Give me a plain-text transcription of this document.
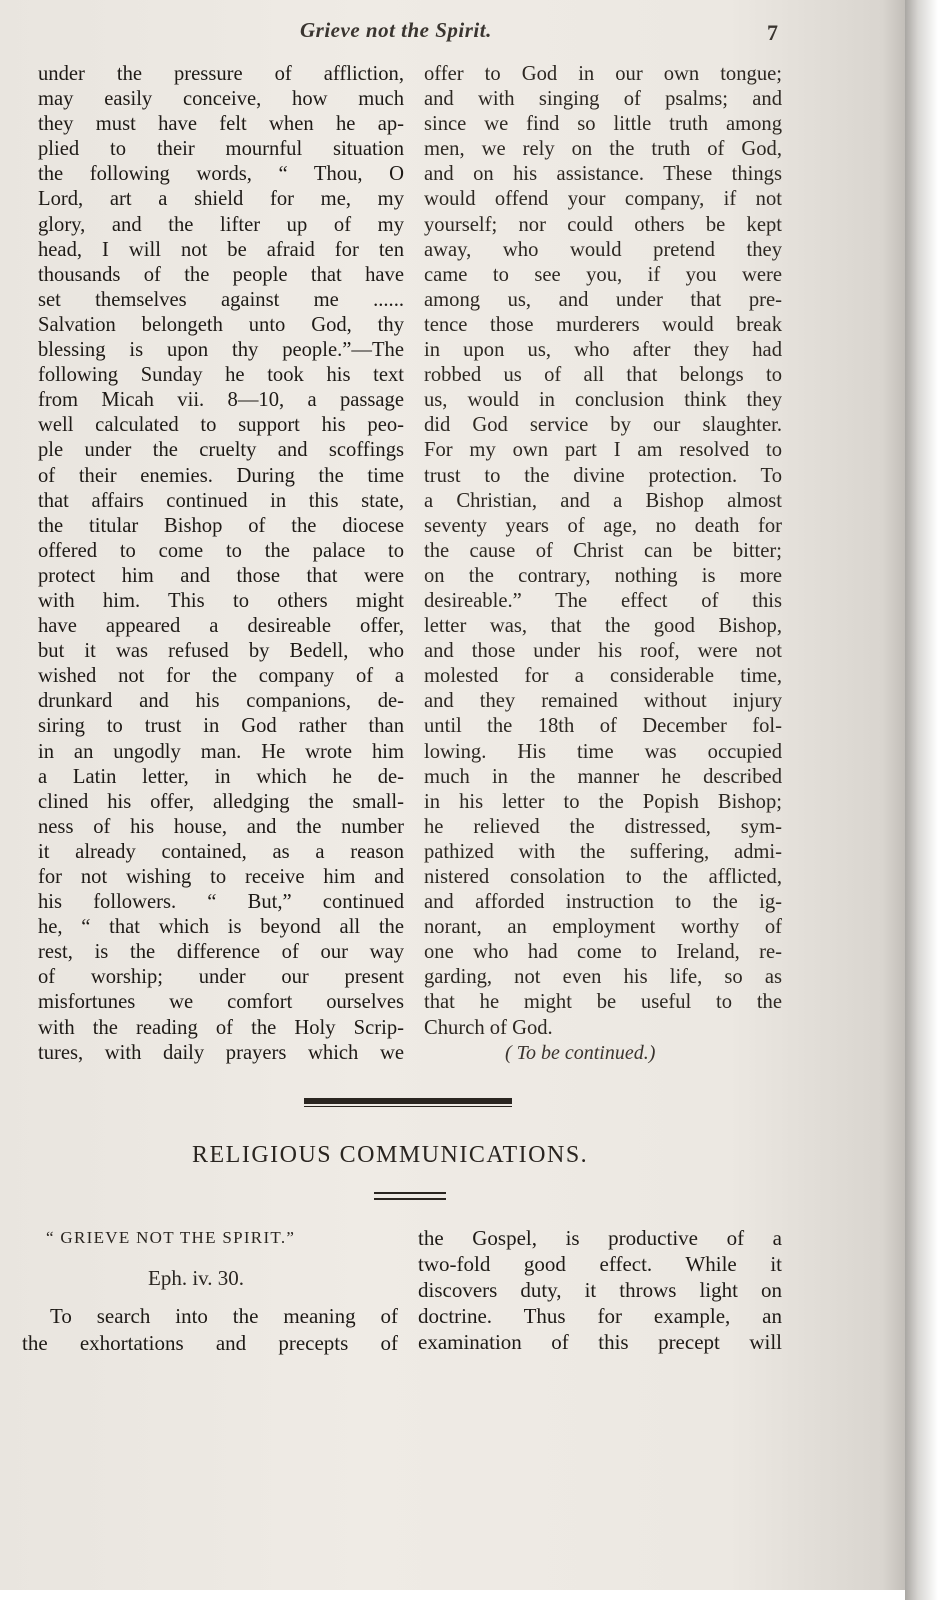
Grieve not the Spirit.	7
under the pressure of affliction,
may easily conceive, how much
they must have felt when he ap-
plied to their mournful situation
the following words, “ Thou, O
Lord, art a shield for me, my
glory, and the lifter up of my
head, I will not be afraid for ten
thousands of the people that have
set themselves against me ......
Salvation belongeth unto God, thy
blessing is upon thy people.”—The
following Sunday he took his text
from Micah vii. 8—10, a passage
well calculated to support his peo-
ple under the cruelty and scoffings
of their enemies. During the time
that affairs continued in this state,
the titular Bishop of the diocese
offered to come to the palace to
protect him and those that were
with him. This to others might
have appeared a desireable offer,
but it was refused by Bedell, who
wished not for the company of a
drunkard and his companions, de-
siring to trust in God rather than
in an ungodly man. He wrote him
a Latin letter, in which he de-
clined his offer, alledging the small-
ness of his house, and the number
it already contained, as a reason
for not wishing to receive him and
his followers. “ But,” continued
he, “ that which is beyond all the
rest, is the difference of our way
of worship; under our present
misfortunes we comfort ourselves
with the reading of the Holy Scrip-
tures, with daily prayers which we
offer to God in our own tongue;
and with singing of psalms; and
since we find so little truth among
men, we rely on the truth of God,
and on his assistance. These things
would offend your company, if not
yourself; nor could others be kept
away, who would pretend they
came to see you, if you were
among us, and under that pre-
tence those murderers would break
in upon us, who after they had
robbed us of all that belongs to
us, would in conclusion think they
did God service by our slaughter.
For my own part I am resolved to
trust to the divine protection. To
a Christian, and a Bishop almost
seventy years of age, no death for
the cause of Christ can be bitter;
on the contrary, nothing is more
desireable.” The effect of this
letter was, that the good Bishop,
and those under his roof, were not
molested for a considerable time,
and they remained without injury
until the 18th of December fol-
lowing. His time was occupied
much in the manner he described
in his letter to the Popish Bishop;
he relieved the distressed, sym-
pathized with the suffering, admi-
nistered consolation to the afflicted,
and afforded instruction to the ig-
norant, an employment worthy of
one who had come to Ireland, re-
garding, not even his life, so as
that he might be useful to the
Church of God.
( To be continued.)
RELIGIOUS COMMUNICATIONS.
“ GRIEVE NOT THE SPIRIT.”
Eph. iv. 30.
To search into the meaning of
the exhortations and precepts of
the Gospel, is productive of a
two-fold good effect. While it
discovers duty, it throws light on
doctrine. Thus for example, an
examination of this precept will
